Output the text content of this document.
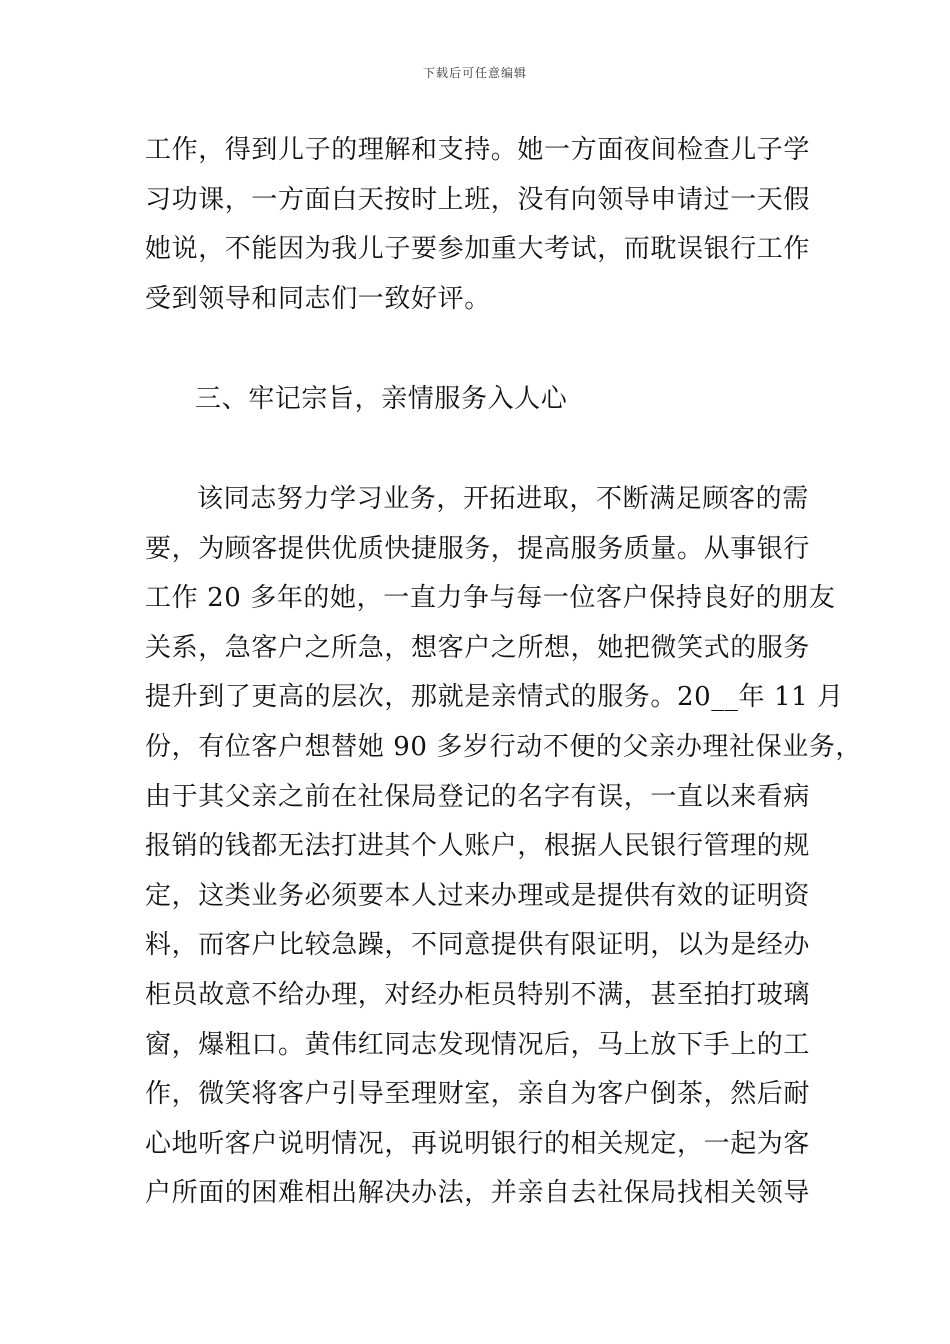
下载后可任意编辑
工作，得到儿子的理解和支持。她一方面夜间检查儿子学
习功课，一方面白天按时上班，没有向领导申请过一天假
她说，不能因为我儿子要参加重大考试，而耽误银行工作
受到领导和同志们一致好评。
三、牢记宗旨，亲情服务入人心
该同志努力学习业务，开拓进取，不断满足顾客的需
要，为顾客提供优质快捷服务，提高服务质量。从事银行
工作 20 多年的她，一直力争与每一位客户保持良好的朋友
关系，急客户之所急，想客户之所想，她把微笑式的服务
提升到了更高的层次，那就是亲情式的服务。20__年 11 月
份，有位客户想替她 90 多岁行动不便的父亲办理社保业务，
由于其父亲之前在社保局登记的名字有误，一直以来看病
报销的钱都无法打进其个人账户，根据人民银行管理的规
定，这类业务必须要本人过来办理或是提供有效的证明资
料，而客户比较急躁，不同意提供有限证明，以为是经办
柜员故意不给办理，对经办柜员特别不满，甚至拍打玻璃
窗，爆粗口。黄伟红同志发现情况后，马上放下手上的工
作，微笑将客户引导至理财室，亲自为客户倒茶，然后耐
心地听客户说明情况，再说明银行的相关规定，一起为客
户所面的困难相出解决办法，并亲自去社保局找相关领导
